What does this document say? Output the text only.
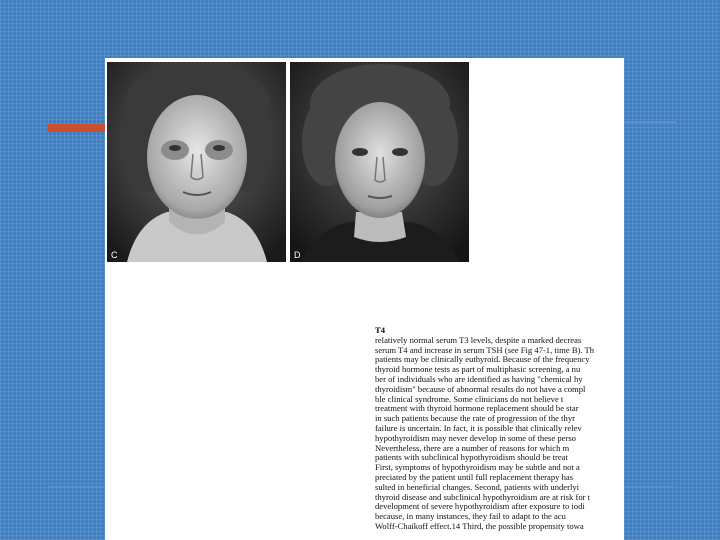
C	D
T4
relatively normal serum T3 levels, despite a marked decreas
serum T4 and increase in serum TSH (see Fig 47-1, time B). Th
patients may be clinically euthyroid. Because of the frequency
thyroid hormone tests as part of multiphasic screening, a nu
ber of individuals who are identified as having "chemical hy
thyroidism" because of abnormal results do not have a compl
ble clinical syndrome. Some clinicians do not believe t
treatment with thyroid hormone replacement should be star
in such patients because the rate of progression of the thyr
failure is uncertain. In fact, it is possible that clinically relev
hypothyroidism may never develop in some of these perso
Nevertheless, there are a number of reasons for which m
patients with subclinical hypothyroidism should be treat
First, symptoms of hypothyroidism may be subtle and not a
preciated by the patient until full replacement therapy has
sulted in beneficial changes. Second, patients with underlyi
thyroid disease and subclinical hypothyroidism are at risk for t
development of severe hypothyroidism after exposure to iodi
because, in many instances, they fail to adapt to the acu
Wolff-Chaikoff effect.14 Third, the possible propensity towa
